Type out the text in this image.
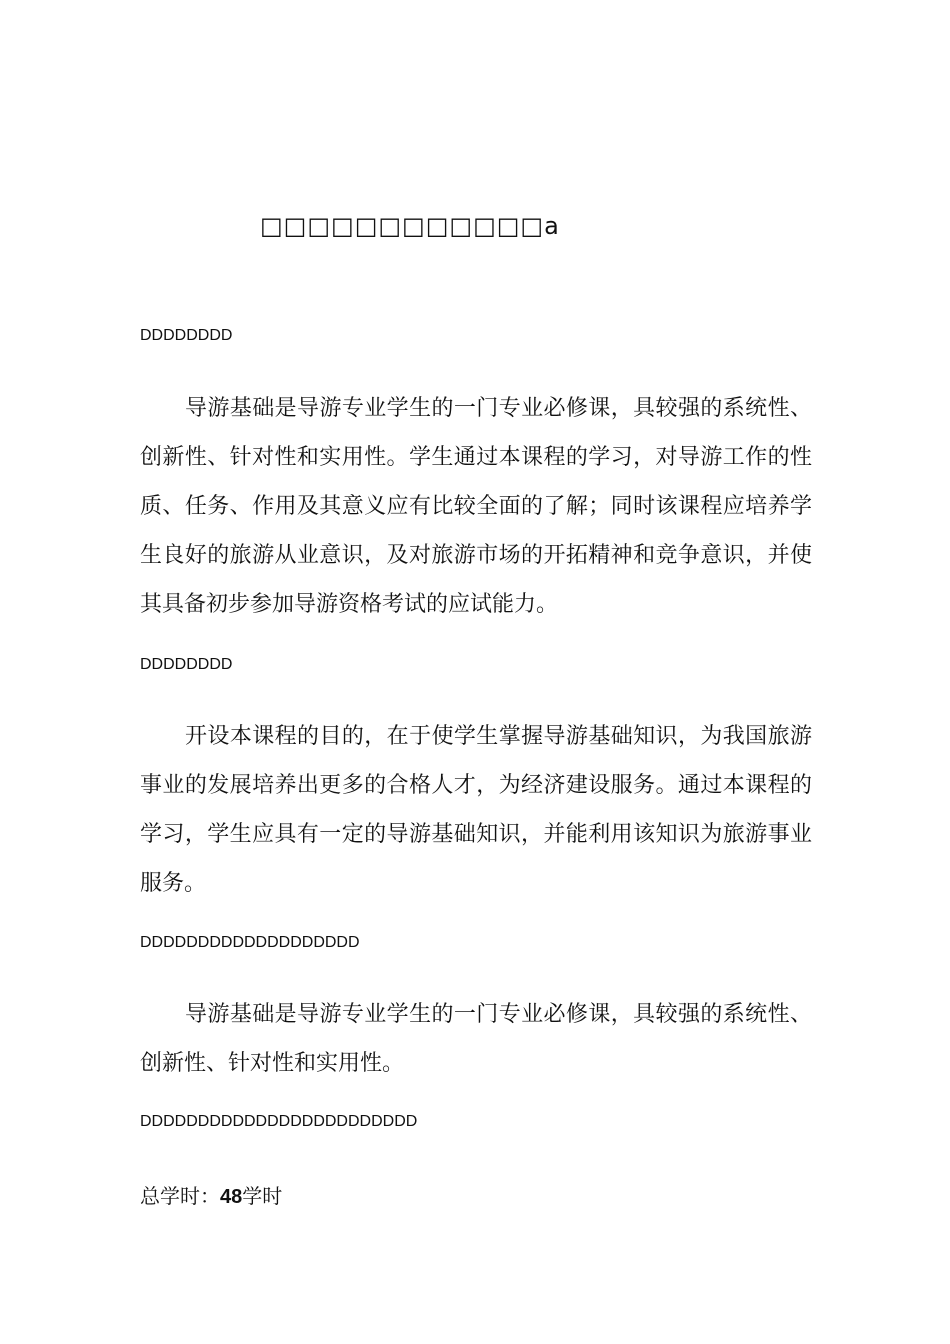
□□□□□□□□□□□□a
DDDDDDDD

导游基础是导游专业学生的一门专业必修课，具较强的系统性、创新性、针对性和实用性。学生通过本课程的学习，对导游工作的性质、任务、作用及其意义应有比较全面的了解；同时该课程应培养学生良好的旅游从业意识，及对旅游市场的开拓精神和竞争意识，并使其具备初步参加导游资格考试的应试能力。

DDDDDDDD

开设本课程的目的，在于使学生掌握导游基础知识，为我国旅游事业的发展培养出更多的合格人才，为经济建设服务。通过本课程的学习，学生应具有一定的导游基础知识，并能利用该知识为旅游事业服务。

DDDDDDDDDDDDDDDDDDD

导游基础是导游专业学生的一门专业必修课，具较强的系统性、创新性、针对性和实用性。

DDDDDDDDDDDDDDDDDDDDDDDD
总学时：48学时
